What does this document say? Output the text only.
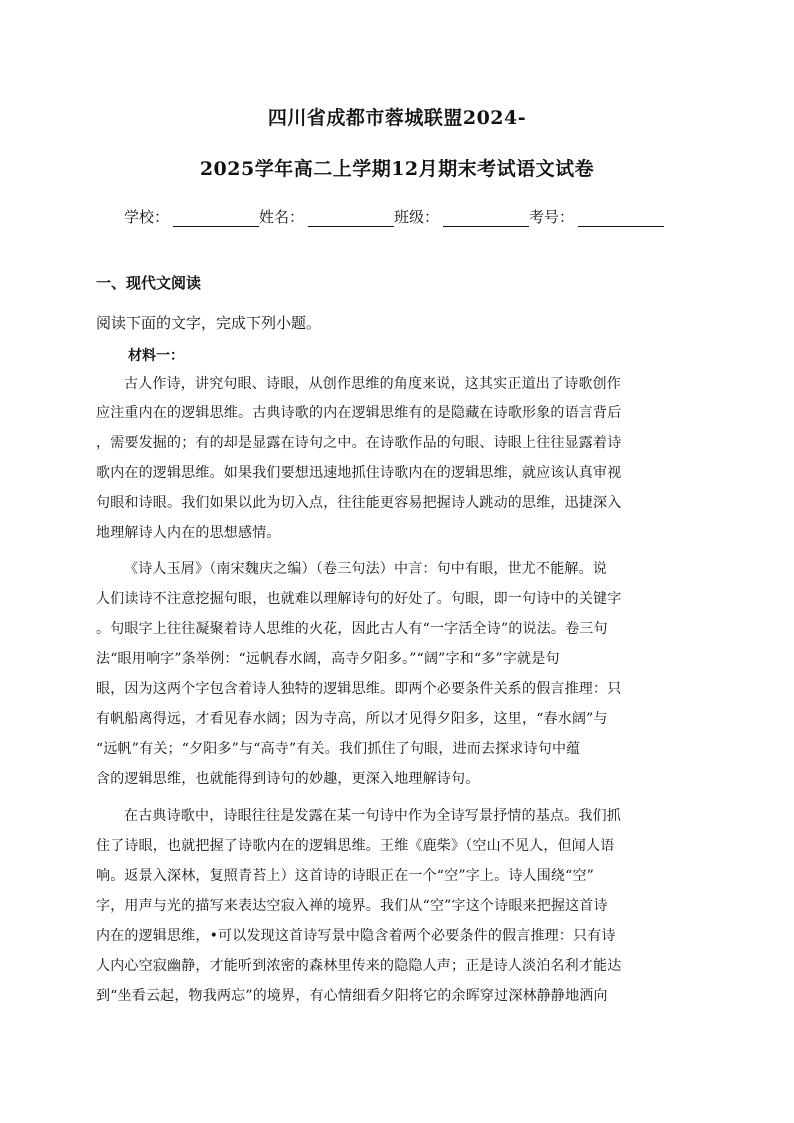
四川省成都市蓉城联盟2024-
2025学年高二上学期12月期末考试语文试卷
学校：	姓名：	班级：	考号：
一、现代文阅读
阅读下面的文字，完成下列小题。
材料一：
古人作诗，讲究句眼、诗眼，从创作思维的角度来说，这其实正道出了诗歌创作
应注重内在的逻辑思维。古典诗歌的内在逻辑思维有的是隐藏在诗歌形象的语言背后
，需要发掘的；有的却是显露在诗句之中。在诗歌作品的句眼、诗眼上往往显露着诗
歌内在的逻辑思维。如果我们要想迅速地抓住诗歌内在的逻辑思维，就应该认真审视
句眼和诗眼。我们如果以此为切入点，往往能更容易把握诗人跳动的思维，迅捷深入
地理解诗人内在的思想感情。
《诗人玉屑》（南宋魏庆之编）（卷三句法）中言：句中有眼，世尤不能解。说
人们读诗不注意挖掘句眼，也就难以理解诗句的好处了。句眼，即一句诗中的关键字
。句眼字上往往凝聚着诗人思维的火花，因此古人有“一字活全诗”的说法。卷三句
法“眼用响字”条举例：“远帆春水阔，高寺夕阳多。”“阔”字和“多”字就是句
眼，因为这两个字包含着诗人独特的逻辑思维。即两个必要条件关系的假言推理：只
有帆船离得远，才看见春水阔；因为寺高，所以才见得夕阳多，这里，“春水阔”与
“远帆”有关；“夕阳多”与“高寺”有关。我们抓住了句眼，进而去探求诗句中蕴
含的逻辑思维，也就能得到诗句的妙趣，更深入地理解诗句。
在古典诗歌中，诗眼往往是发露在某一句诗中作为全诗写景抒情的基点。我们抓
住了诗眼，也就把握了诗歌内在的逻辑思维。王维《鹿柴》（空山不见人，但闻人语
响。返景入深林，复照青苔上）这首诗的诗眼正在一个“空”字上。诗人围绕“空”
字，用声与光的描写来表达空寂入禅的境界。我们从“空”字这个诗眼来把握这首诗
内在的逻辑思维，•可以发现这首诗写景中隐含着两个必要条件的假言推理：只有诗
人内心空寂幽静，才能听到浓密的森林里传来的隐隐人声；正是诗人淡泊名利才能达
到“坐看云起，物我两忘”的境界，有心情细看夕阳将它的余晖穿过深林静静地洒向
